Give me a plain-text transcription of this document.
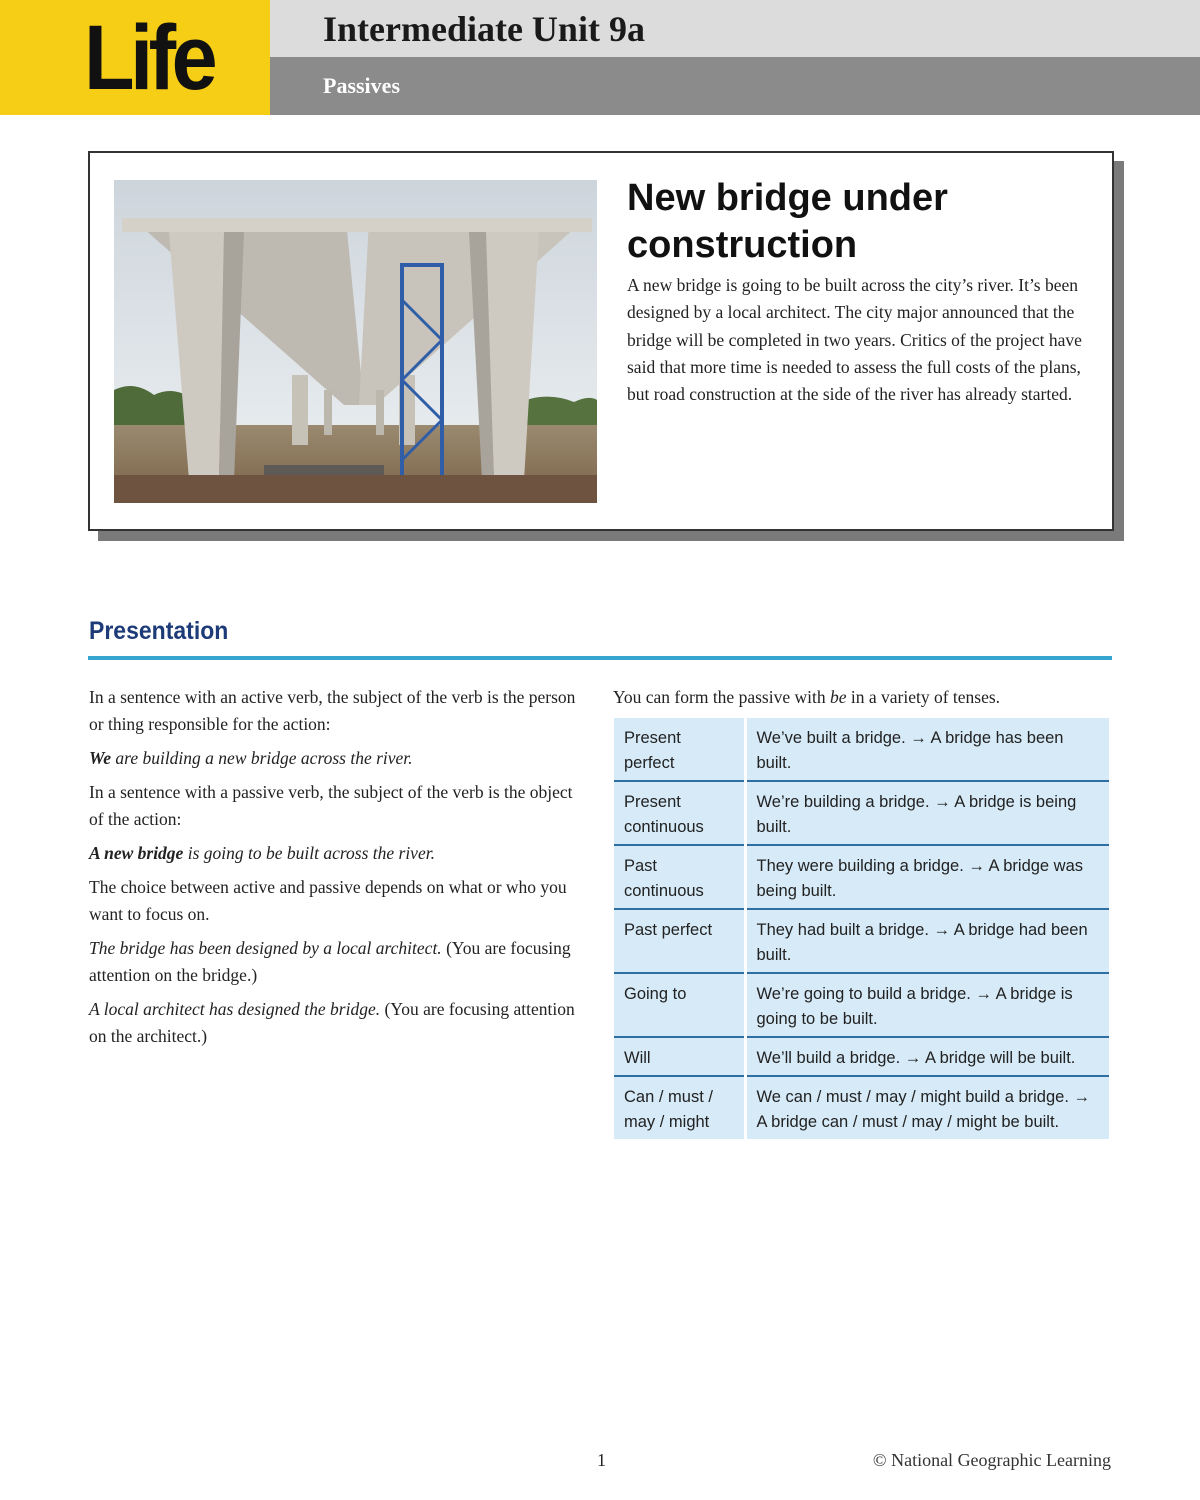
Life	Intermediate Unit 9a
Passives
New bridge under construction
A new bridge is going to be built across the city’s river. It’s been designed by a local architect. The city major announced that the bridge will be completed in two years. Critics of the project have said that more time is needed to assess the full costs of the plans, but road construction at the side of the river has already started.
Presentation

In a sentence with an active verb, the subject of the verb is the person or thing responsible for the action:

We are building a new bridge across the river.

In a sentence with a passive verb, the subject of the verb is the object of the action:

A new bridge is going to be built across the river.

The choice between active and passive depends on what or who you want to focus on.

The bridge has been designed by a local architect. (You are focusing attention on the bridge.)

A local architect has designed the bridge. (You are focusing attention on the architect.)

You can form the passive with be in a variety of tenses.
Present perfect	We’ve built a bridge. → A bridge has been built.
Present continuous	We’re building a bridge. → A bridge is being built.
Past continuous	They were building a bridge. → A bridge was being built.
Past perfect	They had built a bridge. → A bridge had been built.
Going to	We’re going to build a bridge. → A bridge is going to be built.
Will	We’ll build a bridge. → A bridge will be built.
Can / must / may / might	We can / must / may / might build a bridge. → A bridge can / must / may / might be built.
1	© National Geographic Learning
